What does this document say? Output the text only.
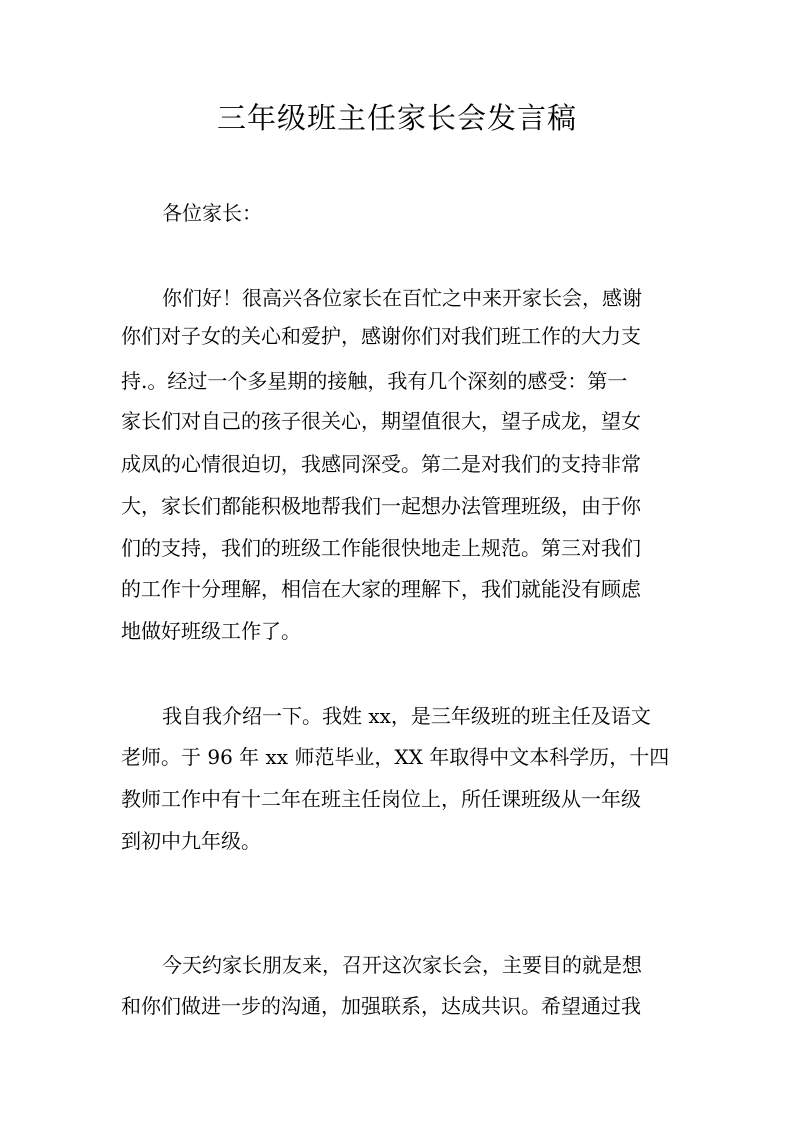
三年级班主任家长会发言稿

各位家长：

你们好！很高兴各位家长在百忙之中来开家长会，感谢

你们对子女的关心和爱护，感谢你们对我们班工作的大力支

持.。经过一个多星期的接触，我有几个深刻的感受：第一

家长们对自己的孩子很关心，期望值很大，望子成龙，望女

成凤的心情很迫切，我感同深受。第二是对我们的支持非常

大，家长们都能积极地帮我们一起想办法管理班级，由于你

们的支持，我们的班级工作能很快地走上规范。第三对我们

的工作十分理解，相信在大家的理解下，我们就能没有顾虑

地做好班级工作了。

我自我介绍一下。我姓 xx，是三年级班的班主任及语文

老师。于 96 年 xx 师范毕业，XX 年取得中文本科学历，十四

教师工作中有十二年在班主任岗位上，所任课班级从一年级

到初中九年级。

今天约家长朋友来，召开这次家长会，主要目的就是想

和你们做进一步的沟通，加强联系，达成共识。希望通过我
